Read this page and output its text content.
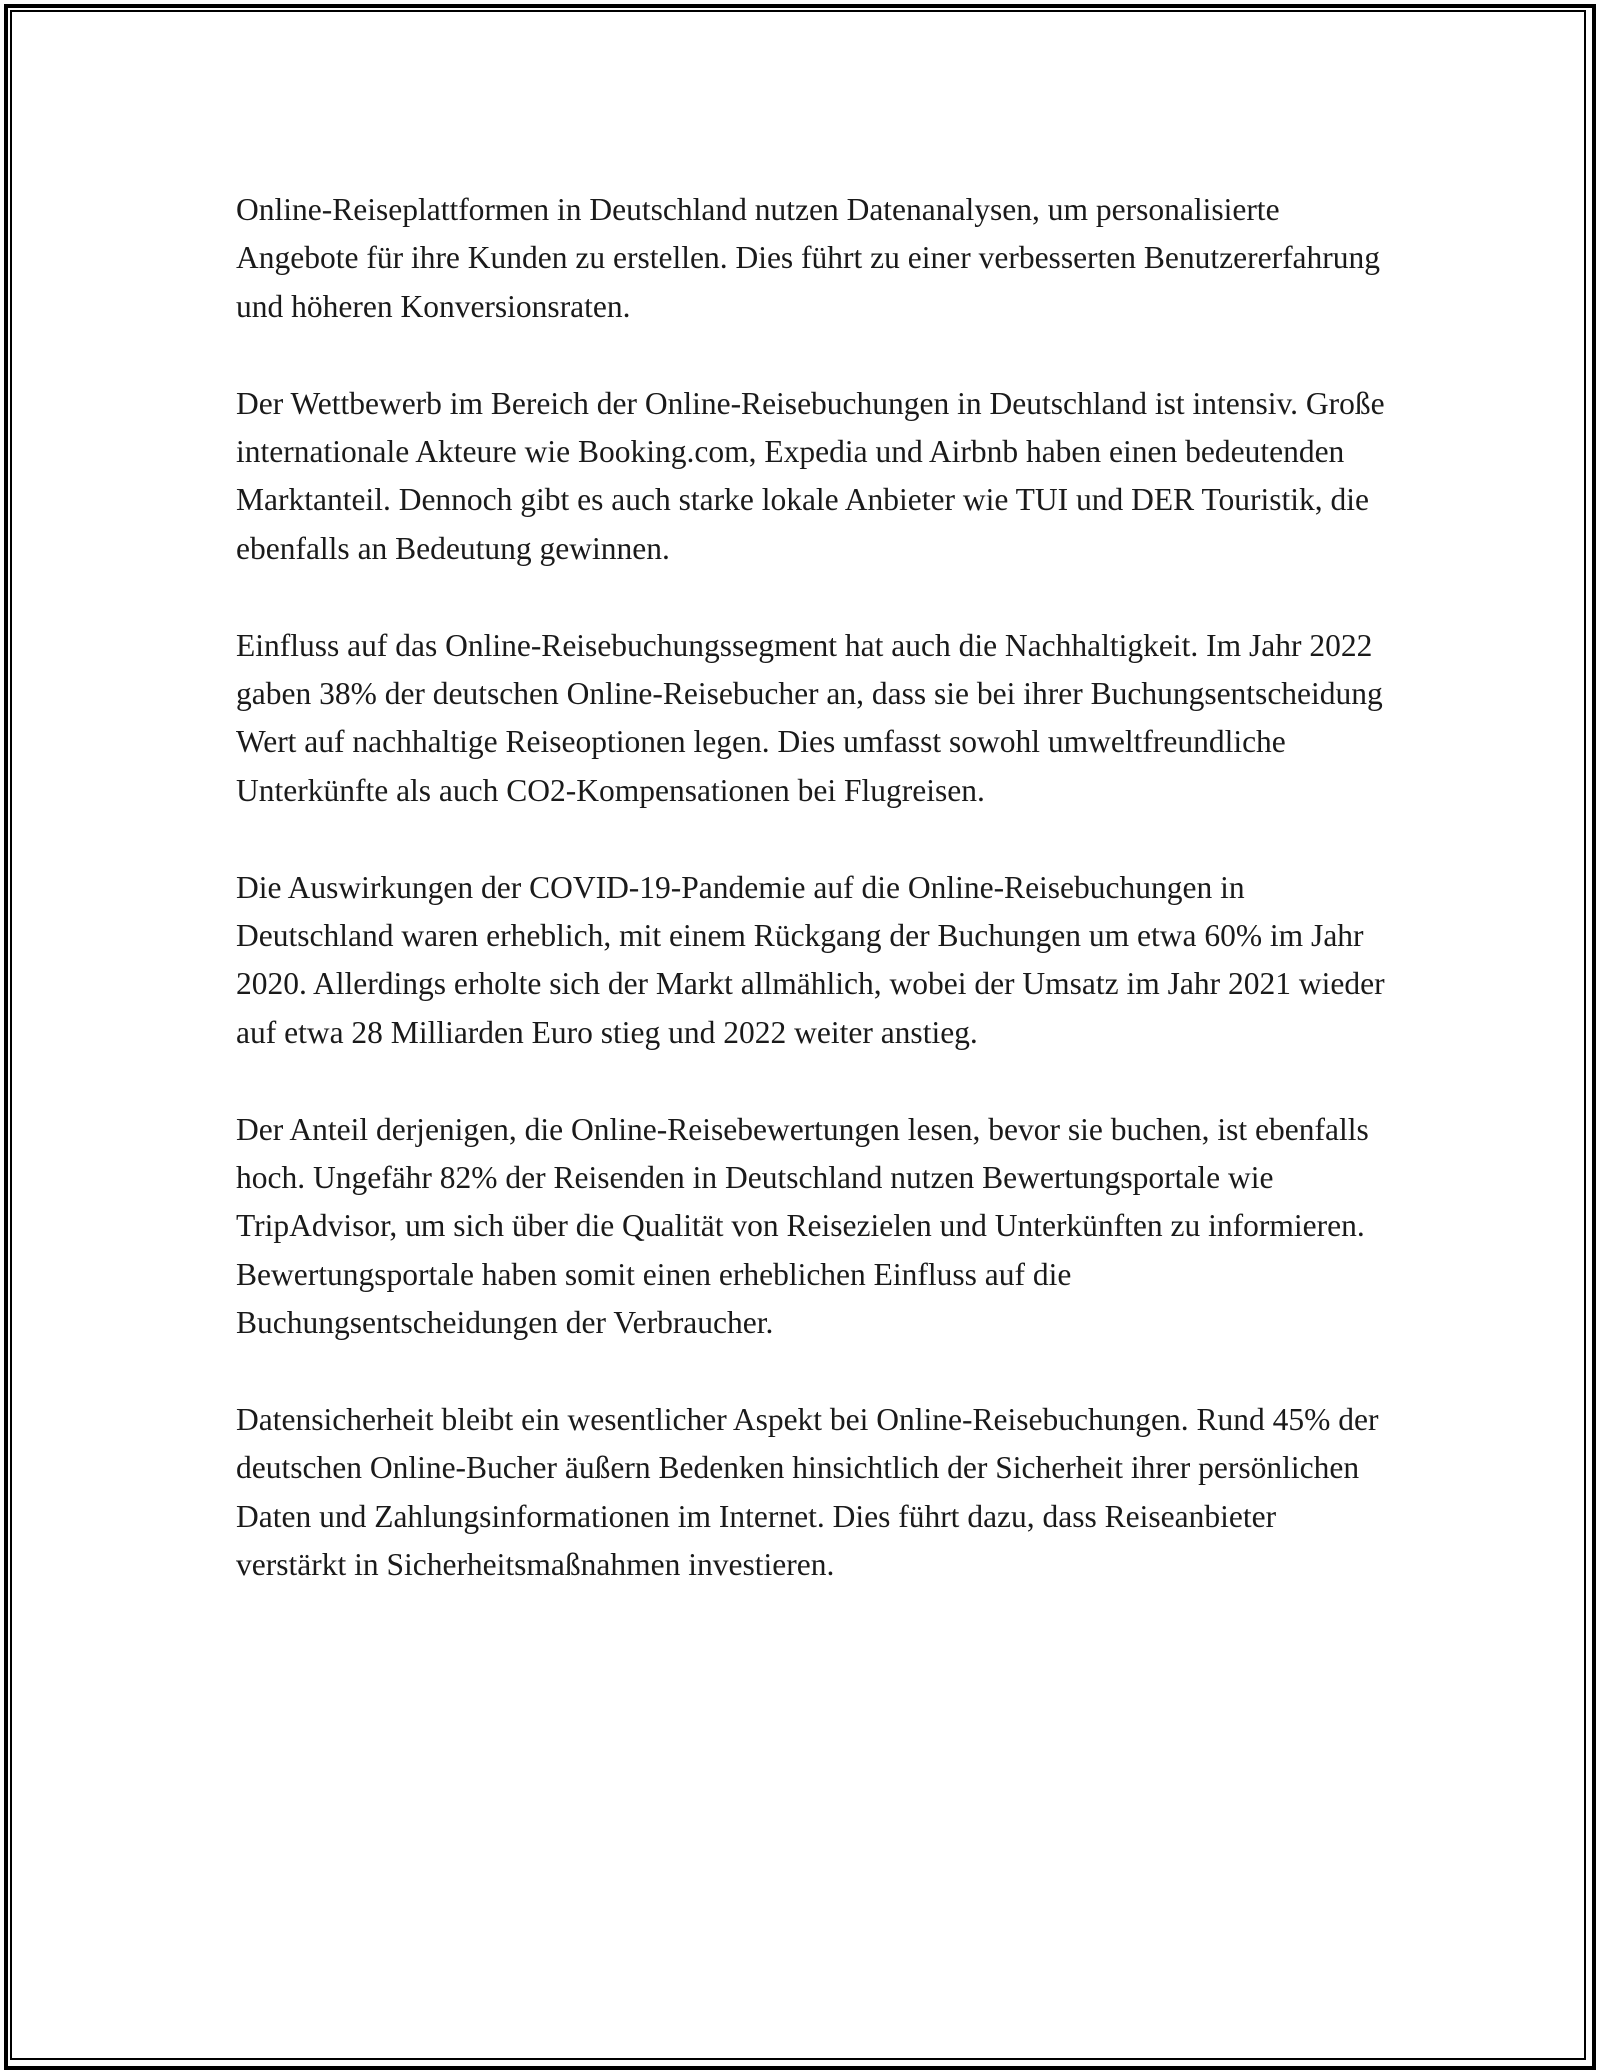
Online-Reiseplattformen in Deutschland nutzen Datenanalysen, um personalisierte Angebote für ihre Kunden zu erstellen. Dies führt zu einer verbesserten Benutzererfahrung und höheren Konversionsraten.

Der Wettbewerb im Bereich der Online-Reisebuchungen in Deutschland ist intensiv. Große internationale Akteure wie Booking.com, Expedia und Airbnb haben einen bedeutenden Marktanteil. Dennoch gibt es auch starke lokale Anbieter wie TUI und DER Touristik, die ebenfalls an Bedeutung gewinnen.

Einfluss auf das Online-Reisebuchungssegment hat auch die Nachhaltigkeit. Im Jahr 2022 gaben 38% der deutschen Online-Reisebucher an, dass sie bei ihrer Buchungsentscheidung Wert auf nachhaltige Reiseoptionen legen. Dies umfasst sowohl umweltfreundliche Unterkünfte als auch CO2-Kompensationen bei Flugreisen.

Die Auswirkungen der COVID-19-Pandemie auf die Online-Reisebuchungen in Deutschland waren erheblich, mit einem Rückgang der Buchungen um etwa 60% im Jahr 2020. Allerdings erholte sich der Markt allmählich, wobei der Umsatz im Jahr 2021 wieder auf etwa 28 Milliarden Euro stieg und 2022 weiter anstieg.

Der Anteil derjenigen, die Online-Reisebewertungen lesen, bevor sie buchen, ist ebenfalls hoch. Ungefähr 82% der Reisenden in Deutschland nutzen Bewertungsportale wie TripAdvisor, um sich über die Qualität von Reisezielen und Unterkünften zu informieren. Bewertungsportale haben somit einen erheblichen Einfluss auf die Buchungsentscheidungen der Verbraucher.

Datensicherheit bleibt ein wesentlicher Aspekt bei Online-Reisebuchungen. Rund 45% der deutschen Online-Bucher äußern Bedenken hinsichtlich der Sicherheit ihrer persönlichen Daten und Zahlungsinformationen im Internet. Dies führt dazu, dass Reiseanbieter verstärkt in Sicherheitsmaßnahmen investieren.
